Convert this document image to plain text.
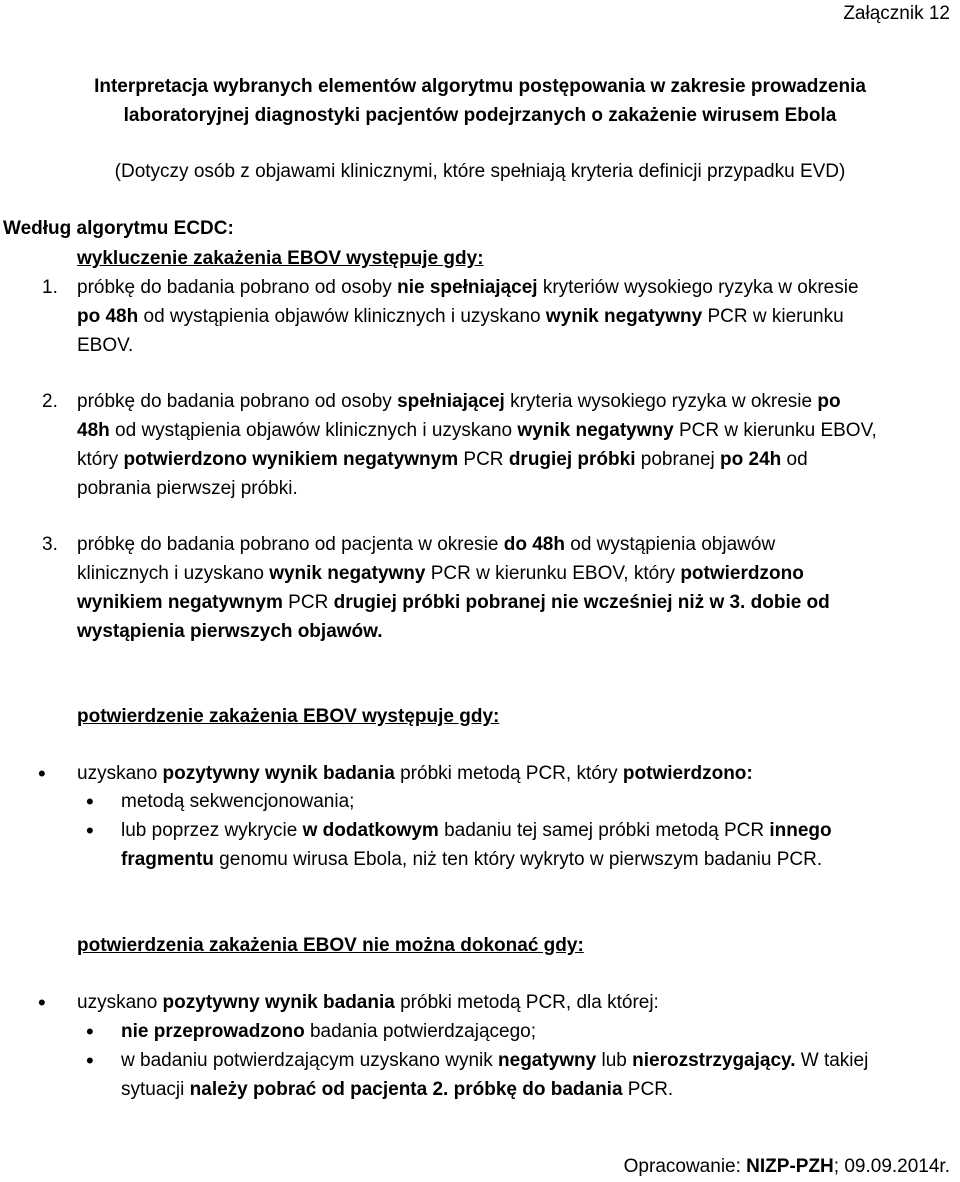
Załącznik 12
Interpretacja wybranych elementów algorytmu postępowania w zakresie prowadzenia
laboratoryjnej diagnostyki pacjentów podejrzanych o zakażenie wirusem Ebola
(Dotyczy osób z objawami klinicznymi, które spełniają kryteria definicji przypadku EVD)
Według algorytmu ECDC:
wykluczenie zakażenia EBOV występuje gdy:
1. próbkę do badania pobrano od osoby nie spełniającej kryteriów wysokiego ryzyka w okresie
po 48h od wystąpienia objawów klinicznych i uzyskano wynik negatywny PCR w kierunku
EBOV.
2. próbkę do badania pobrano od osoby spełniającej kryteria wysokiego ryzyka w okresie po
48h od wystąpienia objawów klinicznych i uzyskano wynik negatywny PCR w kierunku EBOV,
który potwierdzono wynikiem negatywnym PCR drugiej próbki pobranej po 24h od
pobrania pierwszej próbki.
3. próbkę do badania pobrano od pacjenta w okresie do 48h od wystąpienia objawów
klinicznych i uzyskano wynik negatywny PCR w kierunku EBOV, który potwierdzono
wynikiem negatywnym PCR drugiej próbki pobranej nie wcześniej niż w 3. dobie od
wystąpienia pierwszych objawów.
potwierdzenie zakażenia EBOV występuje gdy:
• uzyskano pozytywny wynik badania próbki metodą PCR, który potwierdzono:
• metodą sekwencjonowania;
• lub poprzez wykrycie w dodatkowym badaniu tej samej próbki metodą PCR innego
fragmentu genomu wirusa Ebola, niż ten który wykryto w pierwszym badaniu PCR.
potwierdzenia zakażenia EBOV nie można dokonać gdy:
• uzyskano pozytywny wynik badania próbki metodą PCR, dla której:
• nie przeprowadzono badania potwierdzającego;
• w badaniu potwierdzającym uzyskano wynik negatywny lub nierozstrzygający. W takiej
sytuacji należy pobrać od pacjenta 2. próbkę do badania PCR.
Opracowanie: NIZP-PZH; 09.09.2014r.
